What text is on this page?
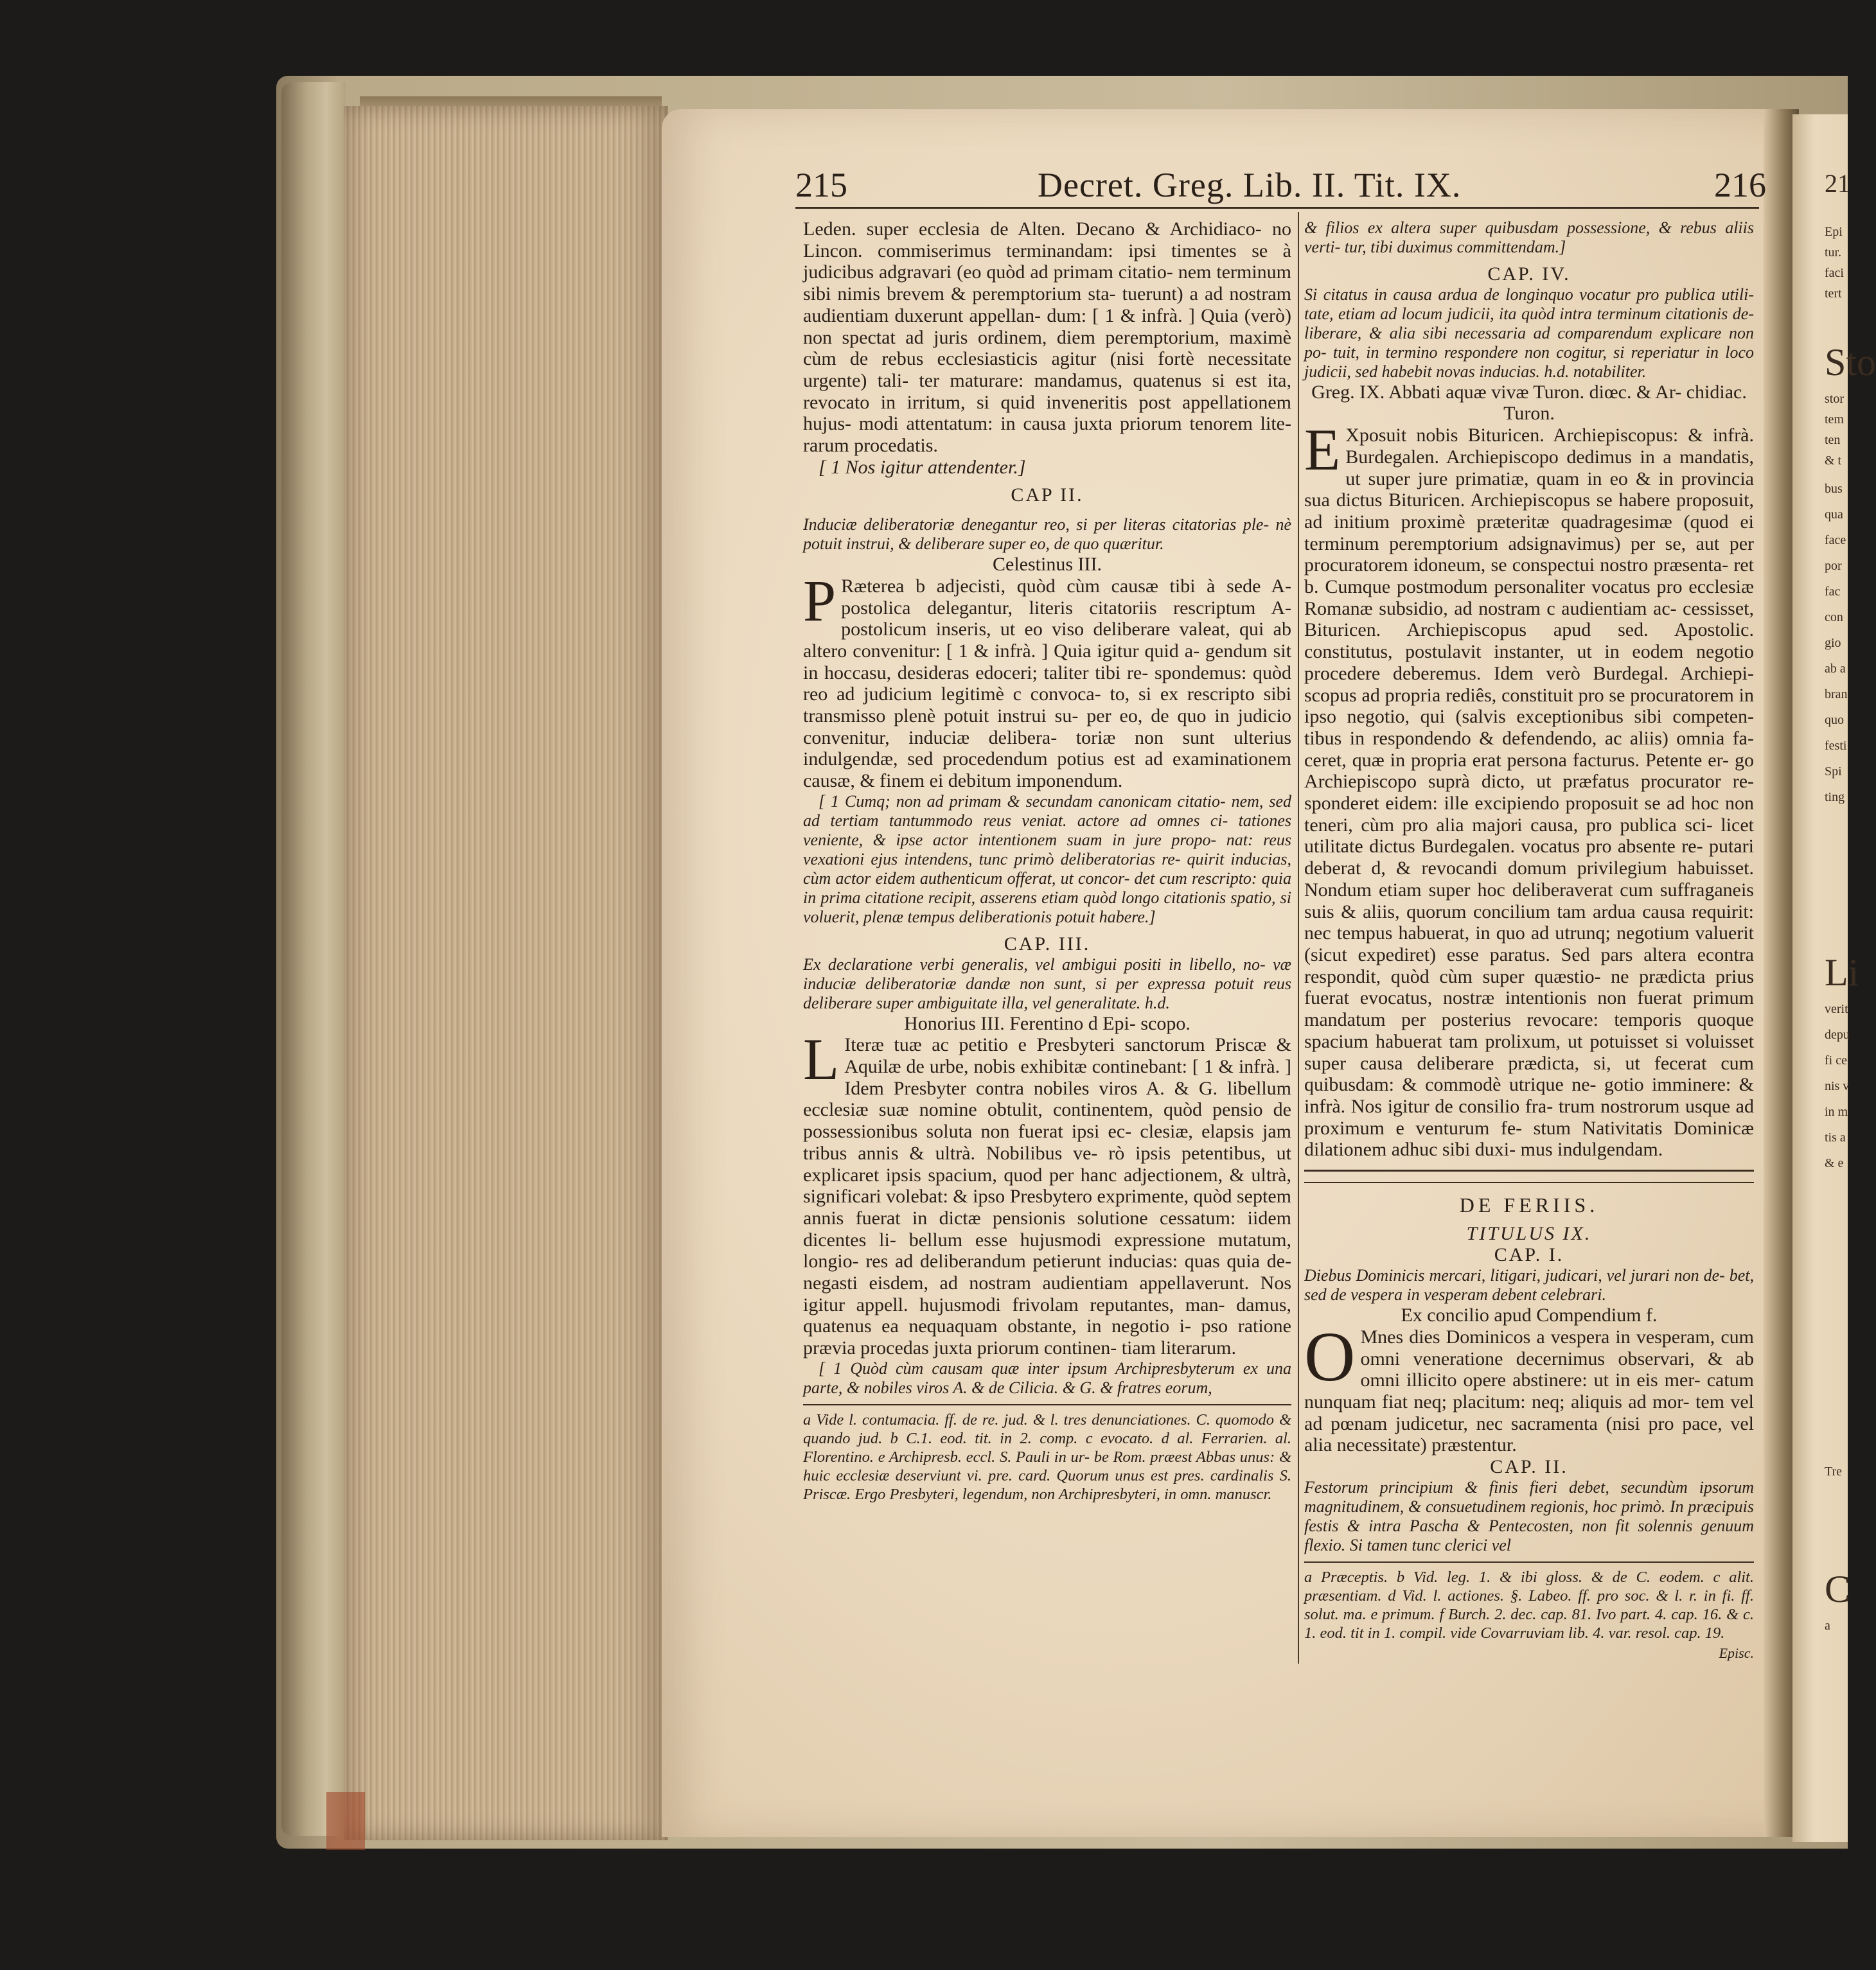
215	Decret. Greg. Lib. II. Tit. IX.	216

Leden. super ecclesia de Alten. Decano & Archidiaco- no Lincon. commiserimus terminandam: ipsi timentes se à judicibus adgravari (eo quòd ad primam citatio- nem terminum sibi nimis brevem & peremptorium sta- tuerunt) a ad nostram audientiam duxerunt appellan- dum: [ 1 & infrà. ] Quia (verò) non spectat ad juris ordinem, diem peremptorium, maximè cùm de rebus ecclesiasticis agitur (nisi fortè necessitate urgente) tali- ter maturare: mandamus, quatenus si est ita, revocato in irritum, si quid inveneritis post appellationem hujus- modi attentatum: in causa juxta priorum tenorem lite- rarum procedatis.

[ 1 Nos igitur attendenter.]

CAP II.

Induciæ deliberatoriæ denegantur reo, si per literas citatorias ple- nè potuit instrui, & deliberare super eo, de quo quæritur.

Celestinus III.

P Ræterea b adjecisti, quòd cùm causæ tibi à sede A- postolica delegantur, literis citatoriis rescriptum A- postolicum inseris, ut eo viso deliberare valeat, qui ab altero convenitur: [ 1 & infrà. ] Quia igitur quid a- gendum sit in hoccasu, desideras edoceri; taliter tibi re- spondemus: quòd reo ad judicium legitimè c convoca- to, si ex rescripto sibi transmisso plenè potuit instrui su- per eo, de quo in judicio convenitur, induciæ delibera- toriæ non sunt ulterius indulgendæ, sed procedendum potius est ad examinationem causæ, & finem ei debitum imponendum.

[ 1 Cumq; non ad primam & secundam canonicam citatio- nem, sed ad tertiam tantummodo reus veniat. actore ad omnes ci- tationes veniente, & ipse actor intentionem suam in jure propo- nat: reus vexationi ejus intendens, tunc primò deliberatorias re- quirit inducias, cùm actor eidem authenticum offerat, ut concor- det cum rescripto: quia in prima citatione recipit, asserens etiam quòd longo citationis spatio, si voluerit, plenæ tempus deliberationis potuit habere.]

CAP. III.

Ex declaratione verbi generalis, vel ambigui positi in libello, no- væ induciæ deliberatoriæ dandæ non sunt, si per expressa potuit reus deliberare super ambiguitate illa, vel generalitate. h.d.

Honorius III. Ferentino d Epi- scopo.

L Iteræ tuæ ac petitio e Presbyteri sanctorum Priscæ & Aquilæ de urbe, nobis exhibitæ continebant: [ 1 & infrà. ] Idem Presbyter contra nobiles viros A. & G. libellum ecclesiæ suæ nomine obtulit, continentem, quòd pensio de possessionibus soluta non fuerat ipsi ec- clesiæ, elapsis jam tribus annis & ultrà. Nobilibus ve- rò ipsis petentibus, ut explicaret ipsis spacium, quod per hanc adjectionem, & ultrà, significari volebat: & ipso Presbytero exprimente, quòd septem annis fuerat in dictæ pensionis solutione cessatum: iidem dicentes li- bellum esse hujusmodi expressione mutatum, longio- res ad deliberandum petierunt inducias: quas quia de- negasti eisdem, ad nostram audientiam appellaverunt. Nos igitur appell. hujusmodi frivolam reputantes, man- damus, quatenus ea nequaquam obstante, in negotio i- pso ratione prævia procedas juxta priorum continen- tiam literarum.

[ 1 Quòd cùm causam quæ inter ipsum Archipresbyterum ex una parte, & nobiles viros A. & de Cilicia. & G. & fratres eorum,

a Vide l. contumacia. ff. de re. jud. & l. tres denunciationes. C. quomodo & quando jud. b C.1. eod. tit. in 2. comp. c evocato. d al. Ferrarien. al. Florentino. e Archipresb. eccl. S. Pauli in ur- be Rom. præest Abbas unus: & huic ecclesiæ deserviunt vi. pre. card. Quorum unus est pres. cardinalis S. Priscæ. Ergo Presbyteri, legendum, non Archipresbyteri, in omn. manuscr.

& filios ex altera super quibusdam possessione, & rebus aliis verti- tur, tibi duximus committendam.]

CAP. IV.

Si citatus in causa ardua de longinquo vocatur pro publica utili- tate, etiam ad locum judicii, ita quòd intra terminum citationis de- liberare, & alia sibi necessaria ad comparendum explicare non po- tuit, in termino respondere non cogitur, si reperiatur in loco judicii, sed habebit novas inducias. h.d. notabiliter.

Greg. IX. Abbati aquæ vivæ Turon. diœc. & Ar- chidiac. Turon.

E Xposuit nobis Bituricen. Archiepiscopus: & infrà. Burdegalen. Archiepiscopo dedimus in a mandatis, ut super jure primatiæ, quam in eo & in provincia sua dictus Bituricen. Archiepiscopus se habere proposuit, ad initium proximè præteritæ quadragesimæ (quod ei terminum peremptorium adsignavimus) per se, aut per procuratorem idoneum, se conspectui nostro præsenta- ret b. Cumque postmodum personaliter vocatus pro ecclesiæ Romanæ subsidio, ad nostram c audientiam ac- cessisset, Bituricen. Archiepiscopus apud sed. Apostolic. constitutus, postulavit instanter, ut in eodem negotio procedere deberemus. Idem verò Burdegal. Archiepi- scopus ad propria rediês, constituit pro se procuratorem in ipso negotio, qui (salvis exceptionibus sibi competen- tibus in respondendo & defendendo, ac aliis) omnia fa- ceret, quæ in propria erat persona facturus. Petente er- go Archiepiscopo suprà dicto, ut præfatus procurator re- sponderet eidem: ille excipiendo proposuit se ad hoc non teneri, cùm pro alia majori causa, pro publica sci- licet utilitate dictus Burdegalen. vocatus pro absente re- putari deberat d, & revocandi domum privilegium habuisset. Nondum etiam super hoc deliberaverat cum suffraganeis suis & aliis, quorum concilium tam ardua causa requirit: nec tempus habuerat, in quo ad utrunq; negotium valuerit (sicut expediret) esse paratus. Sed pars altera econtra respondit, quòd cùm super quæstio- ne prædicta prius fuerat evocatus, nostræ intentionis non fuerat primum mandatum per posterius revocare: temporis quoque spacium habuerat tam prolixum, ut potuisset si voluisset super causa deliberare prædicta, si, ut fecerat cum quibusdam: & commodè utrique ne- gotio imminere: & infrà. Nos igitur de consilio fra- trum nostrorum usque ad proximum e venturum fe- stum Nativitatis Dominicæ dilationem adhuc sibi duxi- mus indulgendam.

DE FERIIS.

TITULUS IX.

CAP. I.

Diebus Dominicis mercari, litigari, judicari, vel jurari non de- bet, sed de vespera in vesperam debent celebrari.

Ex concilio apud Compendium f.

O Mnes dies Dominicos a vespera in vesperam, cum omni veneratione decernimus observari, & ab omni illicito opere abstinere: ut in eis mer- catum nunquam fiat neq; placitum: neq; aliquis ad mor- tem vel ad pœnam judicetur, nec sacramenta (nisi pro pace, vel alia necessitate) præstentur.

CAP. II.

Festorum principium & finis fieri debet, secundùm ipsorum magnitudinem, & consuetudinem regionis, hoc primò. In præcipuis festis & intra Pascha & Pentecosten, non fit solennis genuum flexio. Si tamen tunc clerici vel

a Præceptis. b Vid. leg. 1. & ibi gloss. & de C. eodem. c alit. præsentiam. d Vid. l. actiones. §. Labeo. ff. pro soc. & l. r. in fi. ff. solut. ma. e primum. f Burch. 2. dec. cap. 81. Ivo part. 4. cap. 16. & c. 1. eod. tit in 1. compil. vide Covarruviam lib. 4. var. resol. cap. 19.

Episc.

21
Epi
tur.
faci
tert
Sto
stor
tem
ten
& t
bus
qua
face
por
fac
con
gio
ab a
bran
quo
festi
Spi
ting
Li
verit
depu
fi ce
nis v
in m
tis a
& e
Tre
C
a
